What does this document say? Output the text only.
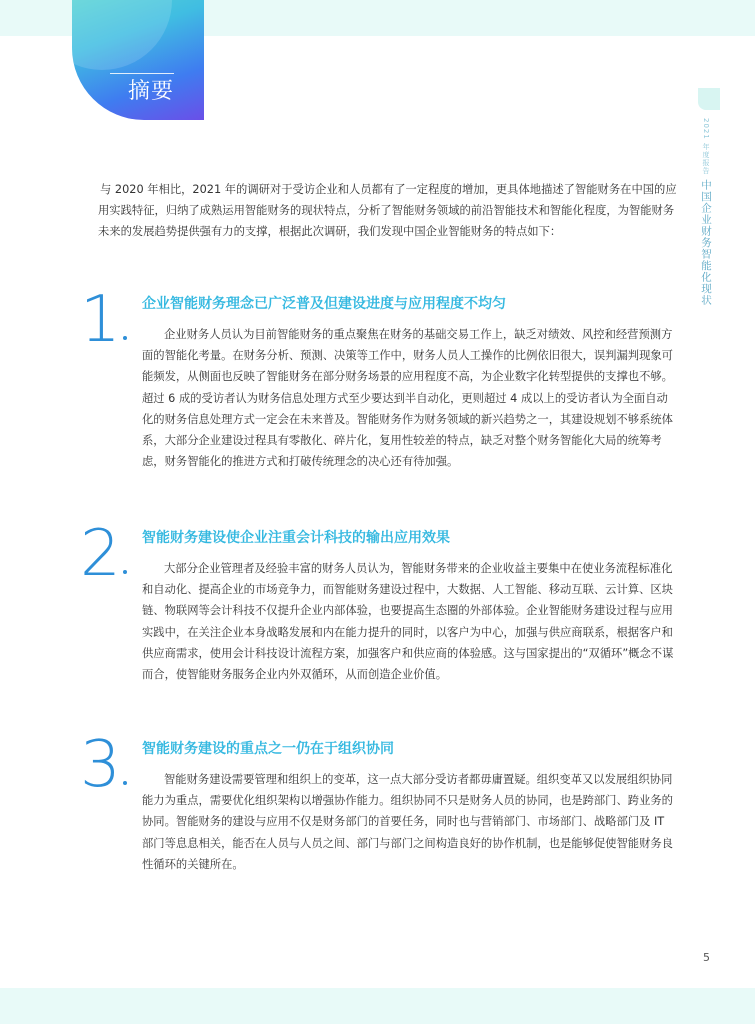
摘要
2021 年度报告 中国企业财务智能化现状
与 2020 年相比，2021 年的调研对于受访企业和人员都有了一定程度的增加，更具体地描述了智能财务在中国的应用实践特征，归纳了成熟运用智能财务的现状特点，分析了智能财务领域的前沿智能技术和智能化程度，为智能财务未来的发展趋势提供强有力的支撑，根据此次调研，我们发现中国企业智能财务的特点如下：
1 企业智能财务理念已广泛普及但建设进度与应用程度不均匀
企业财务人员认为目前智能财务的重点聚焦在财务的基础交易工作上，缺乏对绩效、风控和经营预测方面的智能化考量。在财务分析、预测、决策等工作中，财务人员人工操作的比例依旧很大，误判漏判现象可能频发，从侧面也反映了智能财务在部分财务场景的应用程度不高，为企业数字化转型提供的支撑也不够。超过 6 成的受访者认为财务信息处理方式至少要达到半自动化，更则超过 4 成以上的受访者认为全面自动化的财务信息处理方式一定会在未来普及。智能财务作为财务领域的新兴趋势之一，其建设规划不够系统体系，大部分企业建设过程具有零散化、碎片化，复用性较差的特点，缺乏对整个财务智能化大局的统筹考虑，财务智能化的推进方式和打破传统理念的决心还有待加强。
2 智能财务建设使企业注重会计科技的输出应用效果
大部分企业管理者及经验丰富的财务人员认为，智能财务带来的企业收益主要集中在使业务流程标准化和自动化、提高企业的市场竞争力，而智能财务建设过程中，大数据、人工智能、移动互联、云计算、区块链、物联网等会计科技不仅提升企业内部体验，也要提高生态圈的外部体验。企业智能财务建设过程与应用实践中，在关注企业本身战略发展和内在能力提升的同时，以客户为中心，加强与供应商联系，根据客户和供应商需求，使用会计科技设计流程方案，加强客户和供应商的体验感。这与国家提出的“双循环”概念不谋而合，使智能财务服务企业内外双循环，从而创造企业价值。
3 智能财务建设的重点之一仍在于组织协同
智能财务建设需要管理和组织上的变革，这一点大部分受访者都毋庸置疑。组织变革又以发展组织协同能力为重点，需要优化组织架构以增强协作能力。组织协同不只是财务人员的协同，也是跨部门、跨业务的协同。智能财务的建设与应用不仅是财务部门的首要任务，同时也与营销部门、市场部门、战略部门及 IT 部门等息息相关，能否在人员与人员之间、部门与部门之间构造良好的协作机制，也是能够促使智能财务良性循环的关键所在。
5
